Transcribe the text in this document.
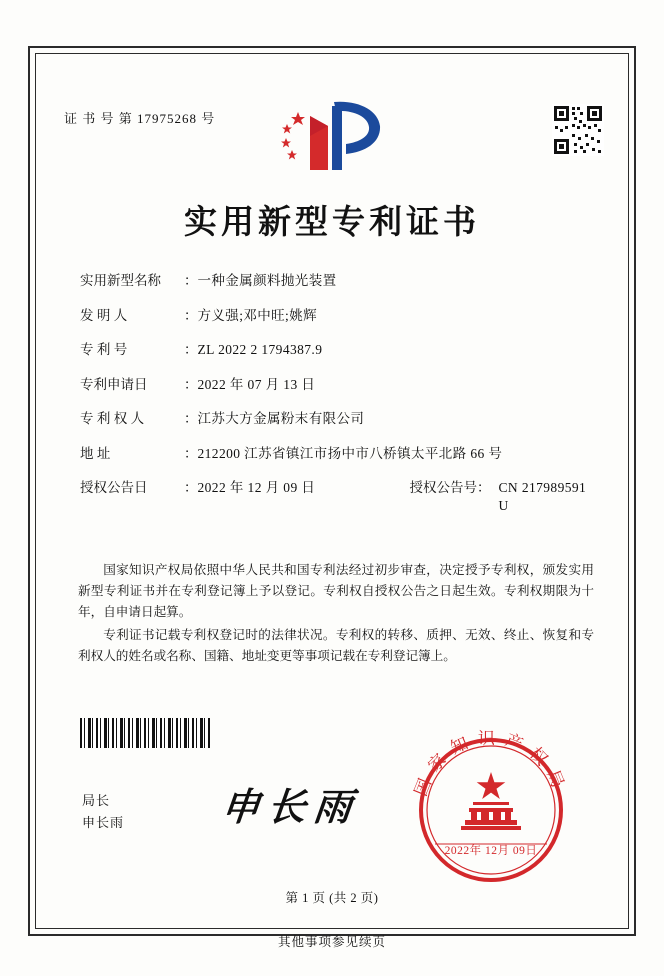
证 书 号 第 17975268 号
实用新型专利证书
实用新型名称	： 一种金属颜料抛光装置
发 明 人	： 方义强;邓中旺;姚辉
专 利 号	： ZL 2022 2 1794387.9
专利申请日	： 2022 年 07 月 13 日
专 利 权 人	： 江苏大方金属粉末有限公司
地 址	： 212200 江苏省镇江市扬中市八桥镇太平北路 66 号
授权公告日	： 2022 年 12 月 09 日	授权公告号 ： CN 217989591 U

国家知识产权局依照中华人民共和国专利法经过初步审查，决定授予专利权，颁发实用新型专利证书并在专利登记簿上予以登记。专利权自授权公告之日起生效。专利权期限为十年，自申请日起算。

专利证书记载专利权登记时的法律状况。专利权的转移、质押、无效、终止、恢复和专利权人的姓名或名称、国籍、地址变更等事项记载在专利登记簿上。

局长
申长雨	申长雨
国家知识产权局
2022年 12月 09日
第 1 页 (共 2 页)
其他事项参见续页
